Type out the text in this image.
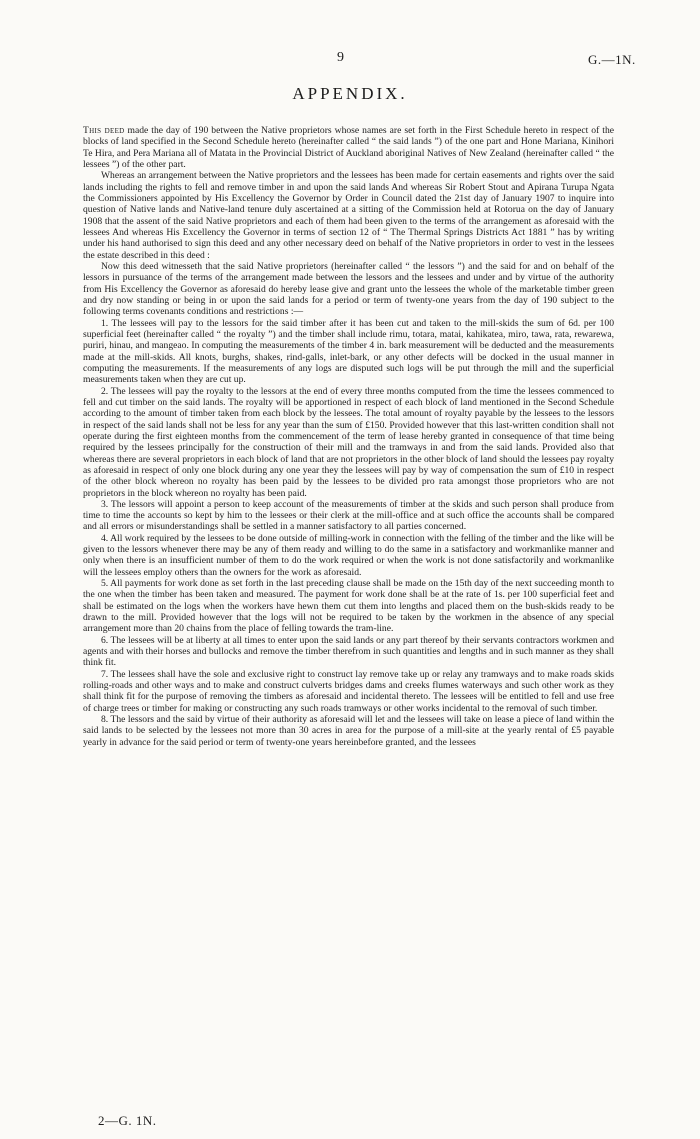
9	G.—1N.
APPENDIX.

This deed made the day of 190 between the Native proprietors whose names are set forth in the First Schedule hereto in respect of the blocks of land specified in the Second Schedule hereto (hereinafter called “ the said lands ”) of the one part and Hone Mariana, Kinihori Te Hira, and Pera Mariana all of Matata in the Provincial District of Auckland aboriginal Natives of New Zealand (hereinafter called “ the lessees ”) of the other part.

Whereas an arrangement between the Native proprietors and the lessees has been made for certain easements and rights over the said lands including the rights to fell and remove timber in and upon the said lands And whereas Sir Robert Stout and Apirana Turupa Ngata the Commissioners appointed by His Excellency the Governor by Order in Council dated the 21st day of January 1907 to inquire into question of Native lands and Native-land tenure duly ascertained at a sitting of the Commission held at Rotorua on the day of January 1908 that the assent of the said Native proprietors and each of them had been given to the terms of the arrangement as aforesaid with the lessees And whereas His Excellency the Governor in terms of section 12 of “ The Thermal Springs Districts Act 1881 ” has by writing under his hand authorised to sign this deed and any other necessary deed on behalf of the Native proprietors in order to vest in the lessees the estate described in this deed :

Now this deed witnesseth that the said Native proprietors (hereinafter called “ the lessors ”) and the said for and on behalf of the lessors in pursuance of the terms of the arrangement made between the lessors and the lessees and under and by virtue of the authority from His Excellency the Governor as aforesaid do hereby lease give and grant unto the lessees the whole of the marketable timber green and dry now standing or being in or upon the said lands for a period or term of twenty-one years from the day of 190 subject to the following terms covenants conditions and restrictions :—

1. The lessees will pay to the lessors for the said timber after it has been cut and taken to the mill-skids the sum of 6d. per 100 superficial feet (hereinafter called “ the royalty ”) and the timber shall include rimu, totara, matai, kahikatea, miro, tawa, rata, rewarewa, puriri, hinau, and mangeao. In computing the measurements of the timber 4 in. bark measurement will be deducted and the measurements made at the mill-skids. All knots, burghs, shakes, rind-galls, inlet-bark, or any other defects will be docked in the usual manner in computing the measurements. If the measurements of any logs are disputed such logs will be put through the mill and the superficial measurements taken when they are cut up.

2. The lessees will pay the royalty to the lessors at the end of every three months computed from the time the lessees commenced to fell and cut timber on the said lands. The royalty will be apportioned in respect of each block of land mentioned in the Second Schedule according to the amount of timber taken from each block by the lessees. The total amount of royalty payable by the lessees to the lessors in respect of the said lands shall not be less for any year than the sum of £150. Provided however that this last-written condition shall not operate during the first eighteen months from the commencement of the term of lease hereby granted in consequence of that time being required by the lessees principally for the construction of their mill and the tramways in and from the said lands. Provided also that whereas there are several proprietors in each block of land that are not proprietors in the other block of land should the lessees pay royalty as aforesaid in respect of only one block during any one year they the lessees will pay by way of compensation the sum of £10 in respect of the other block whereon no royalty has been paid by the lessees to be divided pro rata amongst those proprietors who are not proprietors in the block whereon no royalty has been paid.

3. The lessors will appoint a person to keep account of the measurements of timber at the skids and such person shall produce from time to time the accounts so kept by him to the lessees or their clerk at the mill-office and at such office the accounts shall be compared and all errors or misunderstandings shall be settled in a manner satisfactory to all parties concerned.

4. All work required by the lessees to be done outside of milling-work in connection with the felling of the timber and the like will be given to the lessors whenever there may be any of them ready and willing to do the same in a satisfactory and workmanlike manner and only when there is an insufficient number of them to do the work required or when the work is not done satisfactorily and workmanlike will the lessees employ others than the owners for the work as aforesaid.

5. All payments for work done as set forth in the last preceding clause shall be made on the 15th day of the next succeeding month to the one when the timber has been taken and measured. The payment for work done shall be at the rate of 1s. per 100 superficial feet and shall be estimated on the logs when the workers have hewn them cut them into lengths and placed them on the bush-skids ready to be drawn to the mill. Provided however that the logs will not be required to be taken by the workmen in the absence of any special arrangement more than 20 chains from the place of felling towards the tram-line.

6. The lessees will be at liberty at all times to enter upon the said lands or any part thereof by their servants contractors workmen and agents and with their horses and bullocks and remove the timber therefrom in such quantities and lengths and in such manner as they shall think fit.

7. The lessees shall have the sole and exclusive right to construct lay remove take up or relay any tramways and to make roads skids rolling-roads and other ways and to make and construct culverts bridges dams and creeks flumes waterways and such other work as they shall think fit for the purpose of removing the timbers as aforesaid and incidental thereto. The lessees will be entitled to fell and use free of charge trees or timber for making or constructing any such roads tramways or other works incidental to the removal of such timber.

8. The lessors and the said by virtue of their authority as aforesaid will let and the lessees will take on lease a piece of land within the said lands to be selected by the lessees not more than 30 acres in area for the purpose of a mill-site at the yearly rental of £5 payable yearly in advance for the said period or term of twenty-one years hereinbefore granted, and the lessees

2—G. 1N.
